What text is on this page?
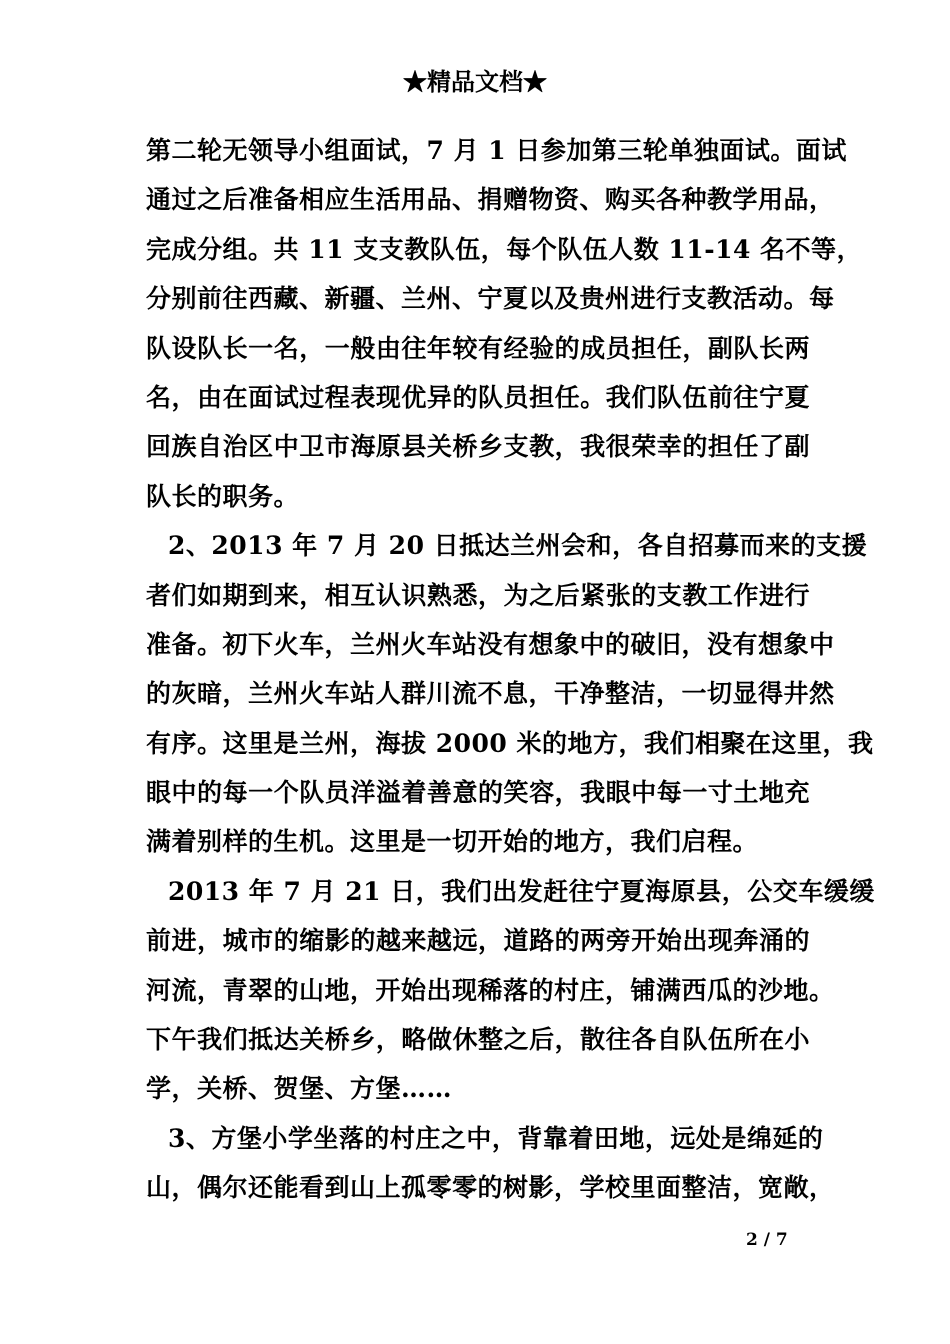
★精品文档★
第二轮无领导小组面试，7 月 1 日参加第三轮单独面试。面试
通过之后准备相应生活用品、捐赠物资、购买各种教学用品，
完成分组。共 11 支支教队伍，每个队伍人数 11-14 名不等，
分别前往西藏、新疆、兰州、宁夏以及贵州进行支教活动。每
队设队长一名，一般由往年较有经验的成员担任，副队长两
名，由在面试过程表现优异的队员担任。我们队伍前往宁夏
回族自治区中卫市海原县关桥乡支教，我很荣幸的担任了副
队长的职务。
2、2013 年 7 月 20 日抵达兰州会和，各自招募而来的支援
者们如期到来，相互认识熟悉，为之后紧张的支教工作进行
准备。初下火车，兰州火车站没有想象中的破旧，没有想象中
的灰暗，兰州火车站人群川流不息，干净整洁，一切显得井然
有序。这里是兰州，海拔 2000 米的地方，我们相聚在这里，我
眼中的每一个队员洋溢着善意的笑容，我眼中每一寸土地充
满着别样的生机。这里是一切开始的地方，我们启程。
2013 年 7 月 21 日，我们出发赶往宁夏海原县，公交车缓缓
前进，城市的缩影的越来越远，道路的两旁开始出现奔涌的
河流，青翠的山地，开始出现稀落的村庄，铺满西瓜的沙地。
下午我们抵达关桥乡，略做休整之后，散往各自队伍所在小
学，关桥、贺堡、方堡……
3、方堡小学坐落的村庄之中，背靠着田地，远处是绵延的
山，偶尔还能看到山上孤零零的树影，学校里面整洁，宽敞，
2 / 7
